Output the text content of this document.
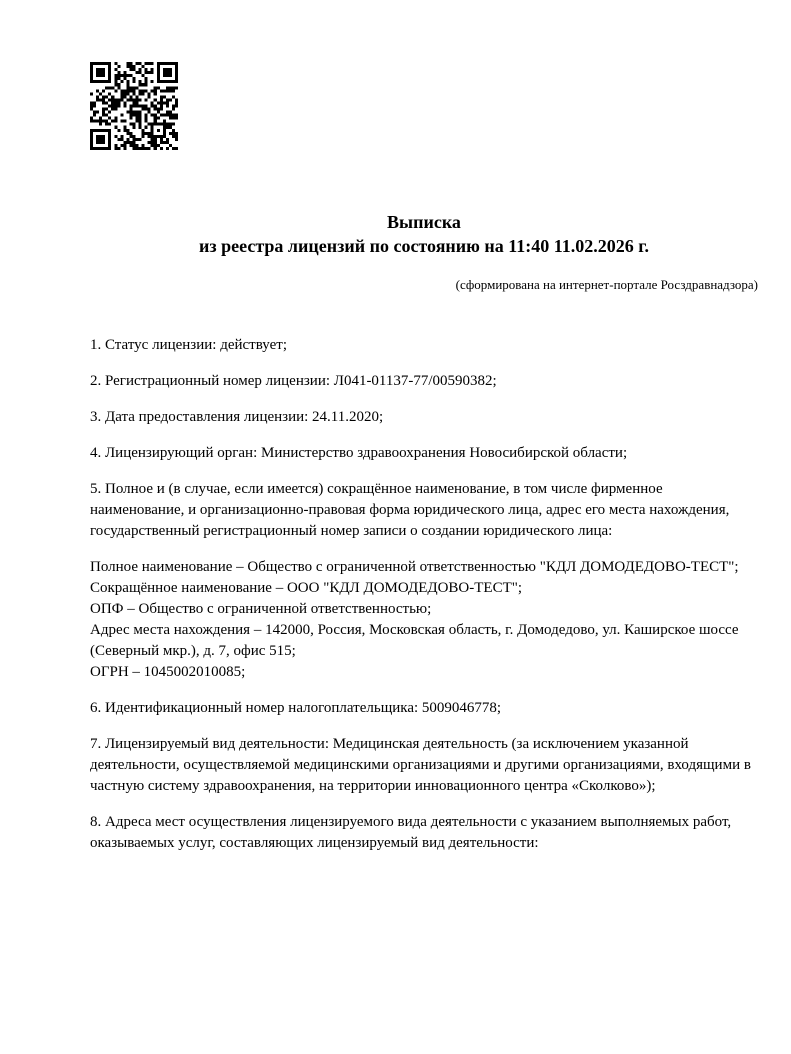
Выписка
из реестра лицензий по состоянию на 11:40 11.02.2026 г.
(сформирована на интернет-портале Росздравнадзора)

1. Статус лицензии: действует;

2. Регистрационный номер лицензии: Л041-01137-77/00590382;

3. Дата предоставления лицензии: 24.11.2020;

4. Лицензирующий орган: Министерство здравоохранения Новосибирской области;

5. Полное и (в случае, если имеется) сокращённое наименование, в том числе фирменное наименование, и организационно-правовая форма юридического лица, адрес его места нахождения, государственный регистрационный номер записи о создании юридического лица:

Полное наименование – Общество с ограниченной ответственностью "КДЛ ДОМОДЕДОВО-ТЕСТ";
Сокращённое наименование – ООО "КДЛ ДОМОДЕДОВО-ТЕСТ";
ОПФ – Общество с ограниченной ответственностью;
Адрес места нахождения – 142000, Россия, Московская область, г. Домодедово, ул. Каширское шоссе (Северный мкр.), д. 7, офис 515;
ОГРН – 1045002010085;

6. Идентификационный номер налогоплательщика: 5009046778;

7. Лицензируемый вид деятельности: Медицинская деятельность (за исключением указанной деятельности, осуществляемой медицинскими организациями и другими организациями, входящими в частную систему здравоохранения, на территории инновационного центра «Сколково»);

8. Адреса мест осуществления лицензируемого вида деятельности с указанием выполняемых работ, оказываемых услуг, составляющих лицензируемый вид деятельности:
